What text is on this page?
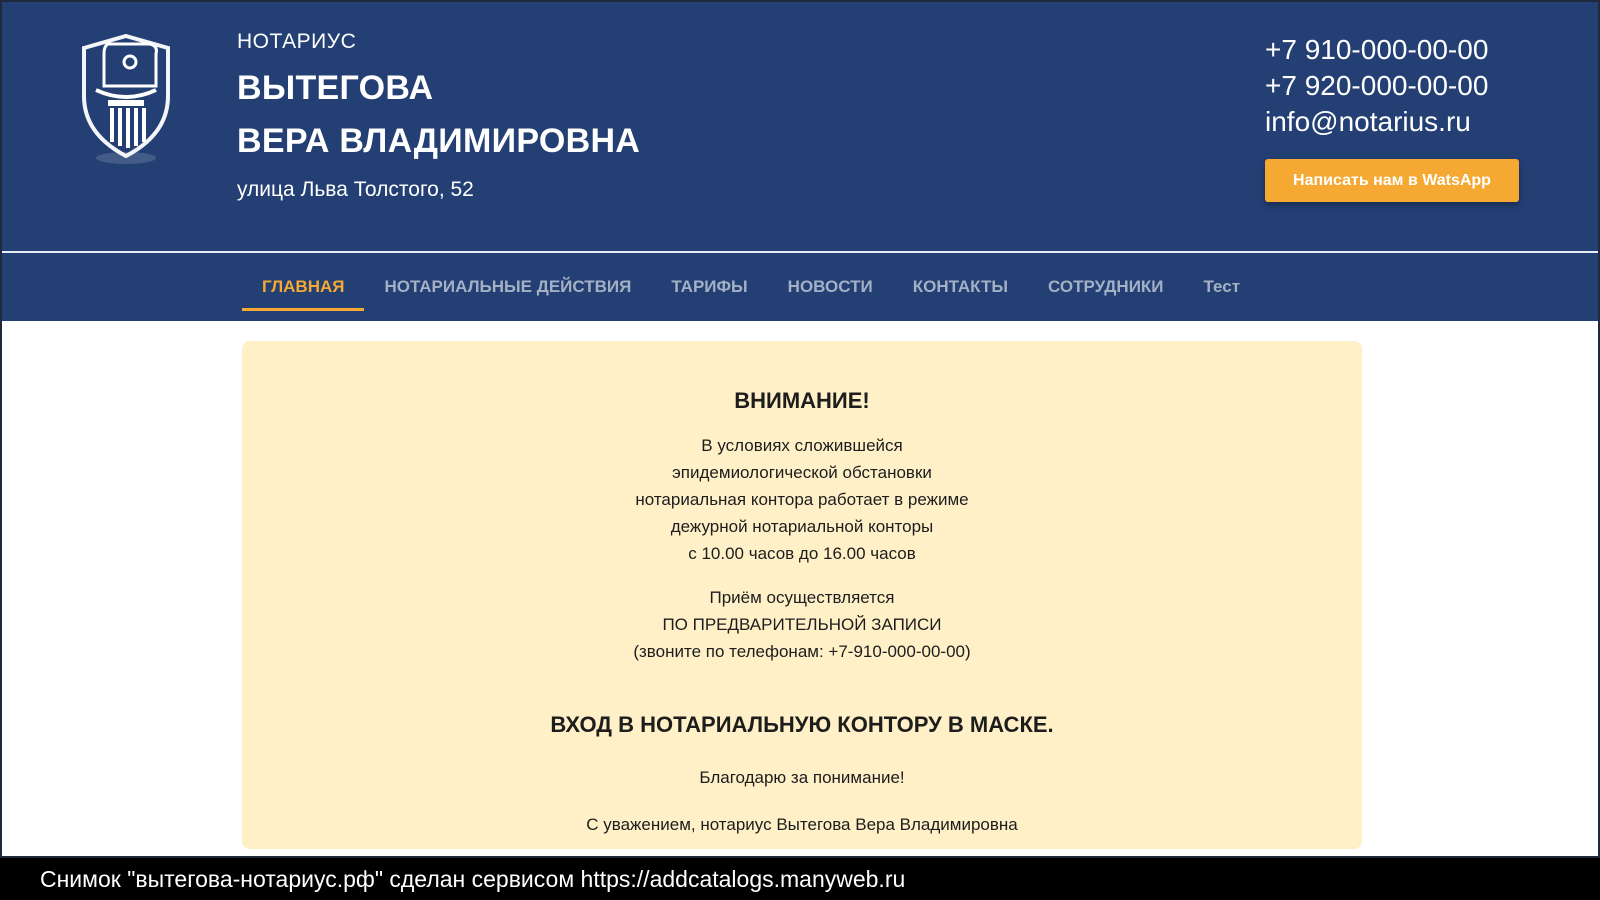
НОТАРИУС
ВЫТЕГОВА
ВЕРА ВЛАДИМИРОВНА
улица Льва Толстого, 52
+7 910-000-00-00
+7 920-000-00-00
info@notarius.ru
Написать нам в WatsApp
ГЛАВНАЯ	НОТАРИАЛЬНЫЕ ДЕЙСТВИЯ	ТАРИФЫ	НОВОСТИ	КОНТАКТЫ	СОТРУДНИКИ	Тест
ВНИМАНИЕ!
В условиях сложившейся
эпидемиологической обстановки
нотариальная контора работает в режиме
дежурной нотариальной конторы
с 10.00 часов до 16.00 часов
Приём осуществляется
ПО ПРЕДВАРИТЕЛЬНОЙ ЗАПИСИ
(звоните по телефонам: +7-910-000-00-00)
ВХОД В НОТАРИАЛЬНУЮ КОНТОРУ В МАСКЕ.
Благодарю за понимание!
С уважением, нотариус Вытегова Вера Владимировна
Снимок "вытегова-нотариус.рф" сделан сервисом https://addcatalogs.manyweb.ru
